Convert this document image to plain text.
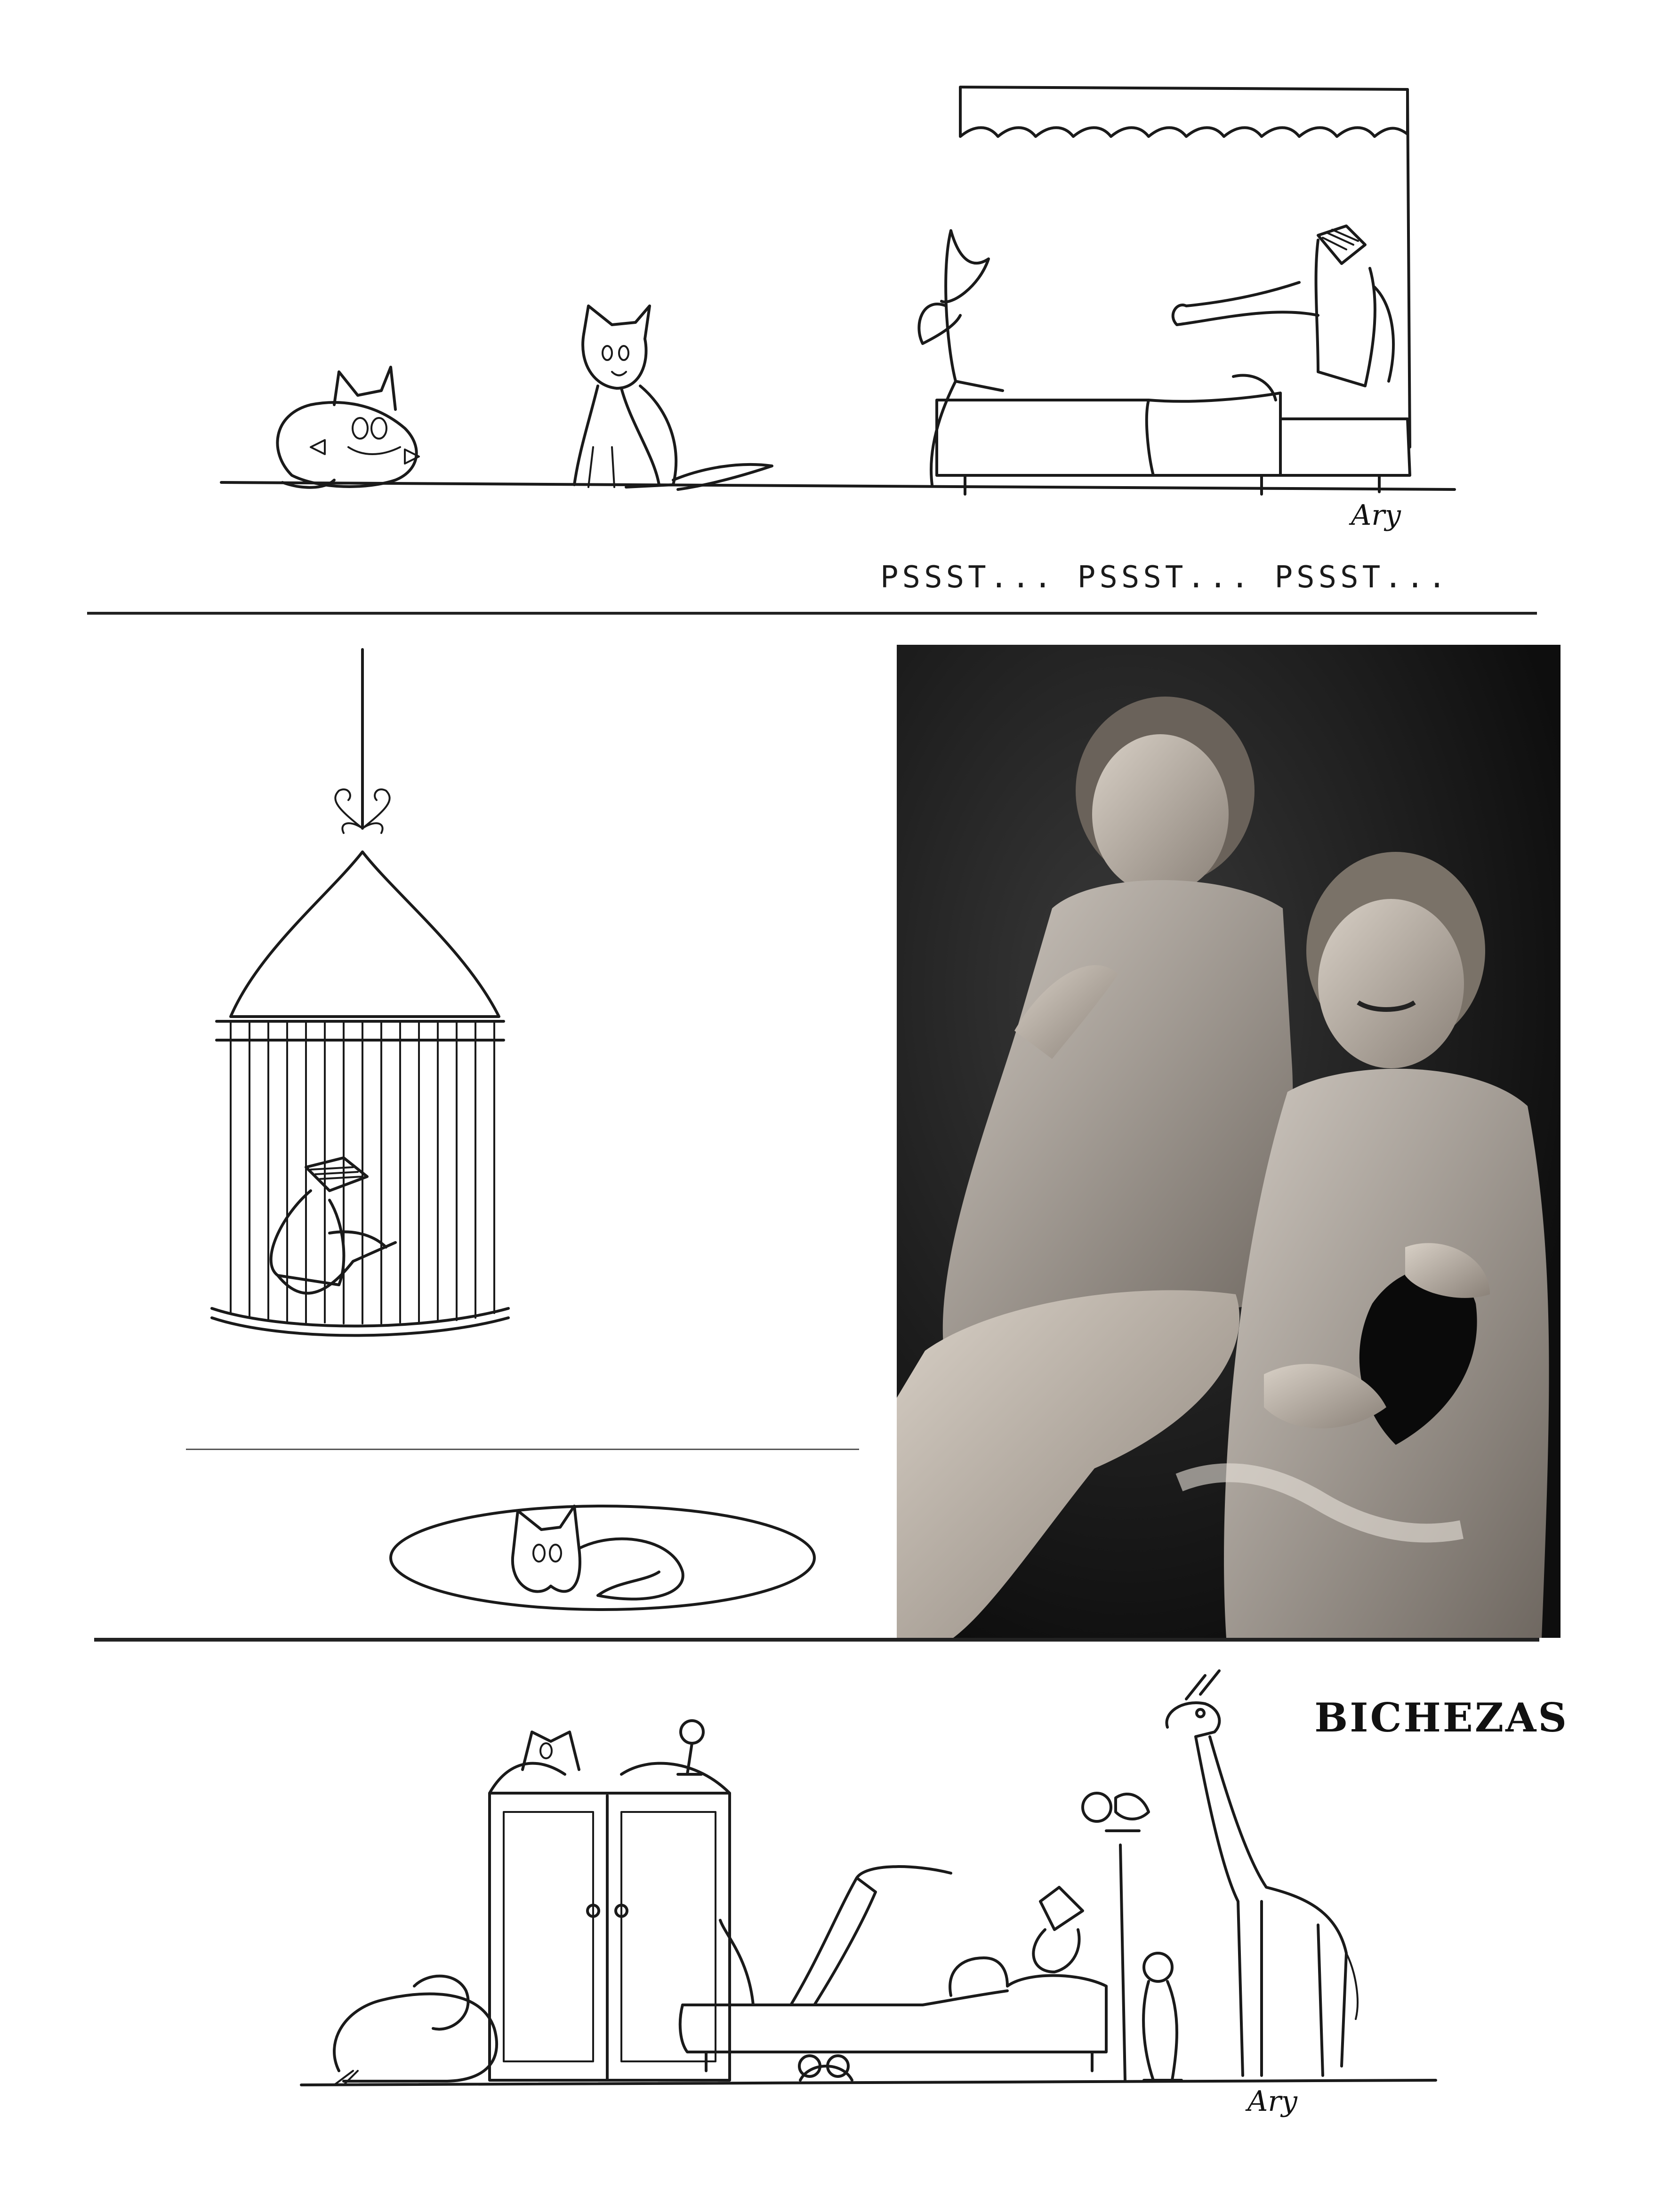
Ary
PSSST... PSSST... PSSST...
BICHEZAS
Ary
